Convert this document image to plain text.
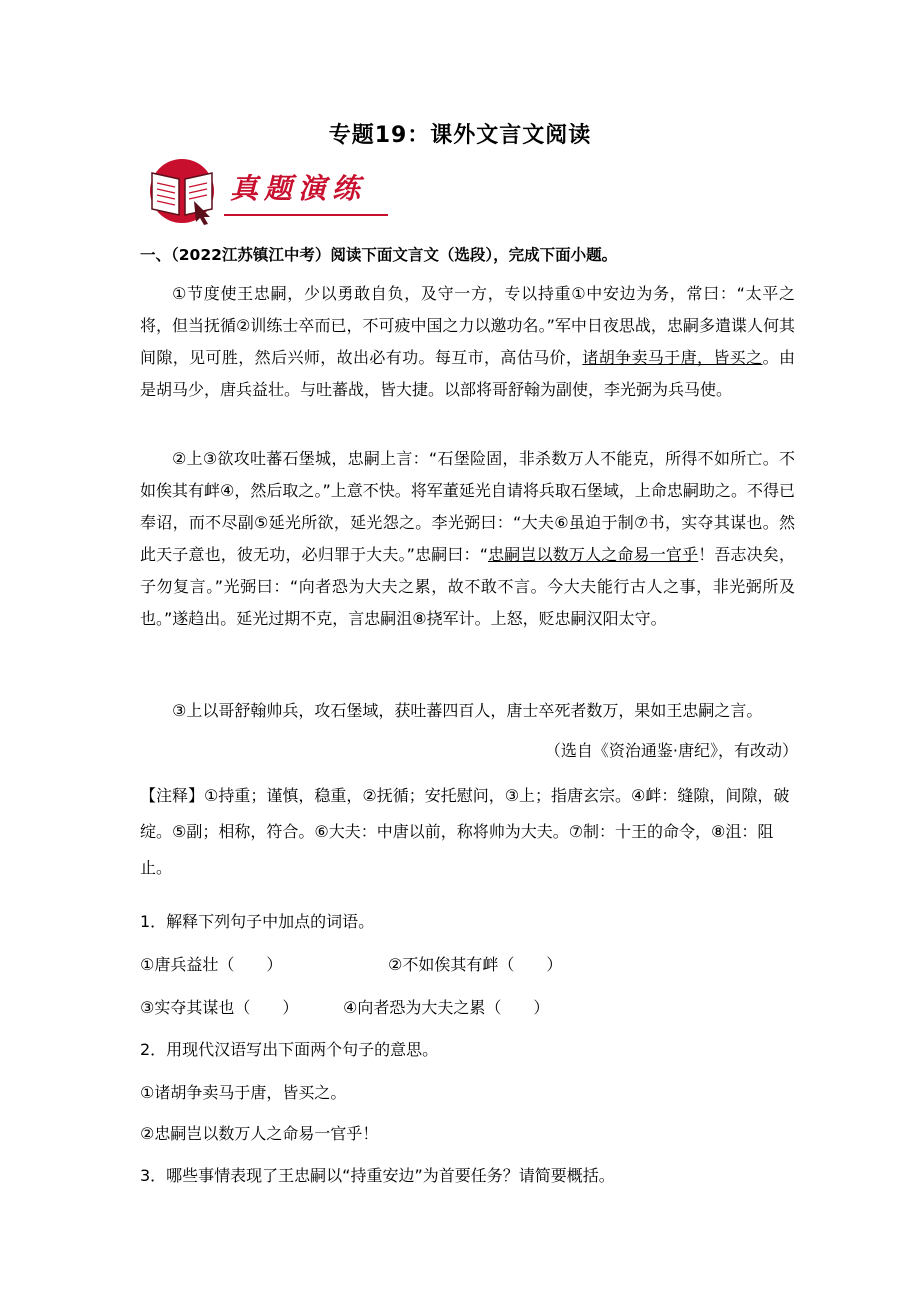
专题19：课外文言文阅读
真题演练
一、（2022江苏镇江中考）阅读下面文言文（选段），完成下面小题。
①节度使王忠嗣，少以勇敢自负，及守一方，专以持重①中安边为务，常曰：“太平之将，但当抚循②训练士卒而已，不可疲中国之力以邀功名。”军中日夜思战，忠嗣多遣谍人何其间隙，见可胜，然后兴师，故出必有功。每互市，高估马价，诸胡争卖马于唐，皆买之。由是胡马少，唐兵益壮。与吐蕃战，皆大捷。以部将哥舒翰为副使，李光弼为兵马使。
②上③欲攻吐蕃石堡城，忠嗣上言：“石堡险固，非杀数万人不能克，所得不如所亡。不如俟其有衅④，然后取之。”上意不快。将军董延光自请将兵取石堡域，上命忠嗣助之。不得已奉诏，而不尽副⑤延光所欲，延光怨之。李光弼曰：“大夫⑥虽迫于制⑦书，实夺其谋也。然此天子意也，彼无功，必归罪于大夫。”忠嗣曰：“忠嗣岂以数万人之命易一官乎！吾志决矣，子勿复言。”光弼曰：“向者恐为大夫之累，故不敢不言。今大夫能行古人之事，非光弼所及也。”遂趋出。延光过期不克，言忠嗣沮⑧挠军计。上怒，贬忠嗣汉阳太守。
③上以哥舒翰帅兵，攻石堡域，获吐蕃四百人，唐士卒死者数万，果如王忠嗣之言。
（选自《资治通鉴·唐纪》，有改动）
【注释】①持重；谨慎，稳重，②抚循；安托慰问，③上；指唐玄宗。④衅：缝隙，间隙，破绽。⑤副；相称，符合。⑥大夫：中唐以前，称将帅为大夫。⑦制：十王的命令，⑧沮：阻止。
1．解释下列句子中加点的词语。
①唐兵益壮（　　）	②不如俟其有衅（　　）
③实夺其谋也（　　）	④向者恐为大夫之累（　　）
2．用现代汉语写出下面两个句子的意思。
①诸胡争卖马于唐，皆买之。
②忠嗣岂以数万人之命易一官乎！
3．哪些事情表现了王忠嗣以“持重安边”为首要任务？请简要概括。
